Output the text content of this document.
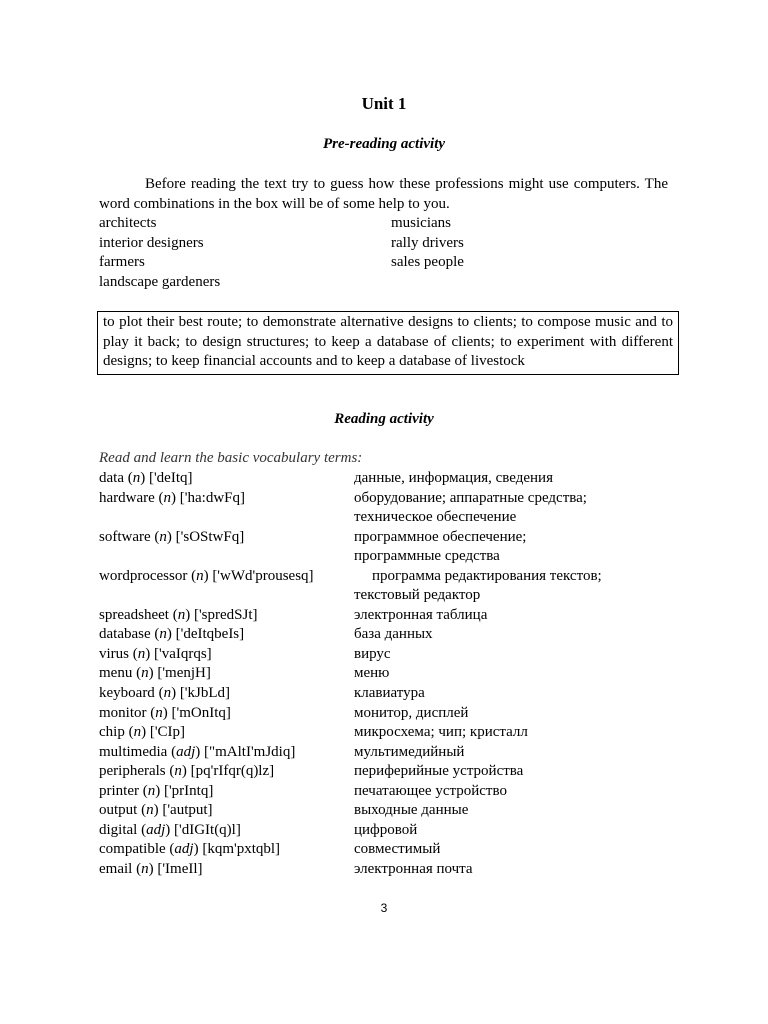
Unit 1
Pre-reading activity
Before reading the text try to guess how these professions might use computers. The word combinations in the box will be of some help to you.
architects	musicians
interior designers	rally drivers
farmers	sales people
landscape gardeners
to plot their best route; to demonstrate alternative designs to clients; to compose music and to play it back; to design structures; to keep a database of clients; to experiment with different designs; to keep financial accounts and to keep a database of livestock
Reading activity
Read and learn the basic vocabulary terms:
data (n) ['deItq]	данные, информация, сведения
hardware (n) ['ha:dwFq]	оборудование; аппаратные средства;
техническое обеспечение
software (n) ['sOStwFq]	программное обеспечение;
программные средства
wordprocessor (n) ['wWd'prousesq]	программа редактирования текстов;
текстовый редактор
spreadsheet (n) ['spredSJt]	электронная таблица
database (n) ['deItqbeIs]	база данных
virus (n) ['vaIqrqs]	вирус
menu (n) ['menjH]	меню
keyboard (n) ['kJbLd]	клавиатура
monitor (n) ['mOnItq]	монитор, дисплей
chip (n) ['CIp]	микросхема; чип; кристалл
multimedia (adj) ["mAltI'mJdiq]	мультимедийный
peripherals (n) [pq'rIfqr(q)lz]	периферийные устройства
printer (n) ['prIntq]	печатающее устройство
output (n) ['autput]	выходные данные
digital (adj) ['dIGIt(q)l]	цифровой
compatible (adj) [kqm'pxtqbl]	совместимый
email (n) ['ImeIl]	электронная почта
3
